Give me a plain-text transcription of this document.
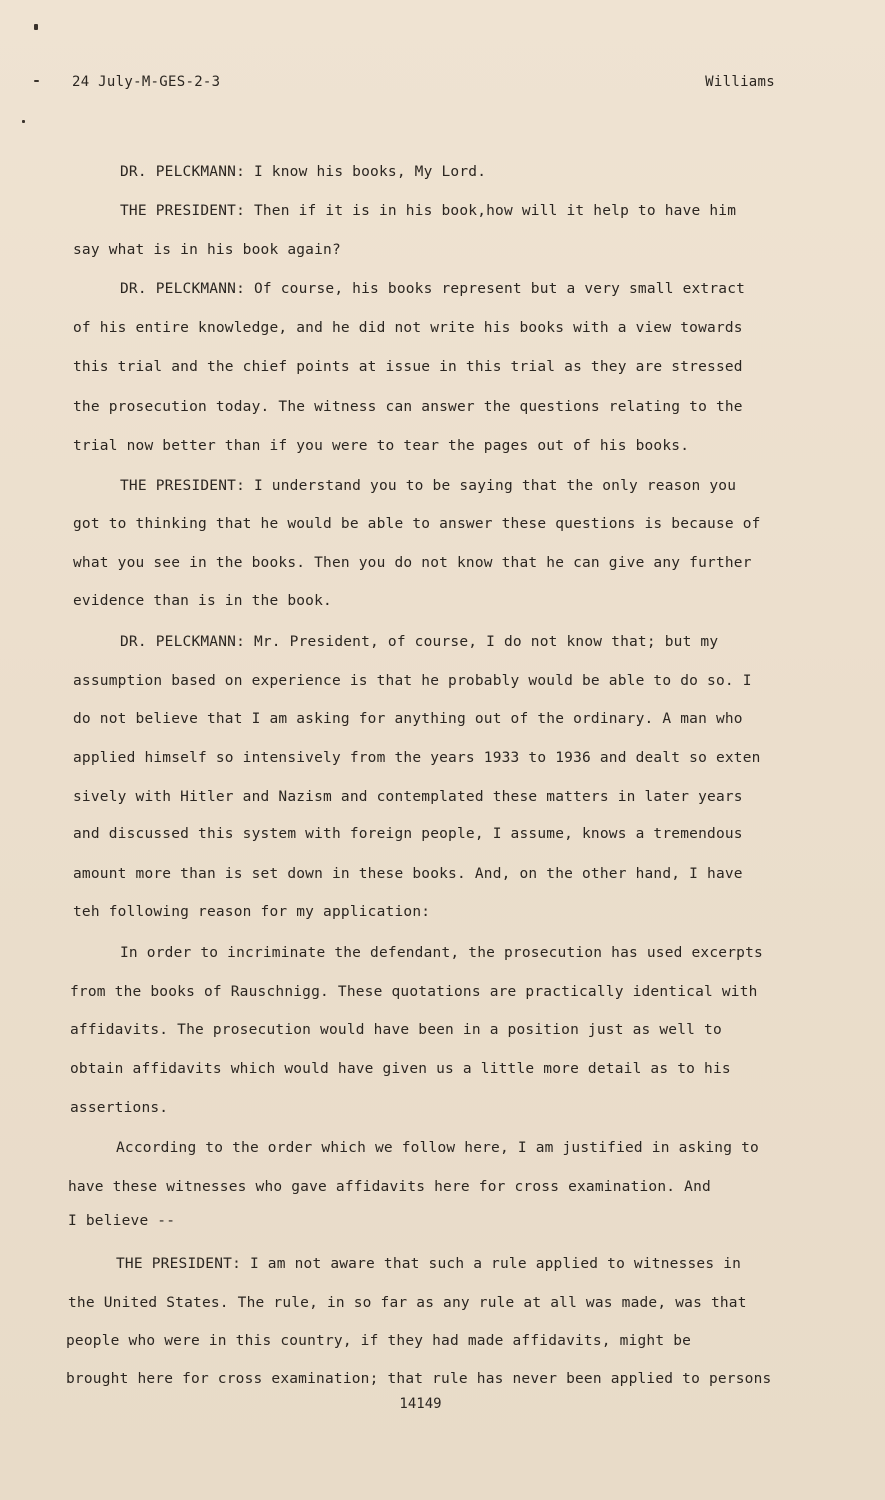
24 July-M-GES-2-3	Williams
DR. PELCKMANN: I know his books, My Lord.
THE PRESIDENT: Then if it is in his book,how will it help to have him
say what is in his book again?
DR. PELCKMANN: Of course, his books represent but a very small extract
of his entire knowledge, and he did not write his books with a view towards
this trial and the chief points at issue in this trial as they are stressed
the prosecution today. The witness can answer the questions relating to the
trial now better than if you were to tear the pages out of his books.
THE PRESIDENT: I understand you to be saying that the only reason you
got to thinking that he would be able to answer these questions is because of
what you see in the books. Then you do not know that he can give any further
evidence than is in the book.
DR. PELCKMANN: Mr. President, of course, I do not know that; but my
assumption based on experience is that he probably would be able to do so. I
do not believe that I am asking for anything out of the ordinary. A man who
applied himself so intensively from the years 1933 to 1936 and dealt so exten
sively with Hitler and Nazism and contemplated these matters in later years
and discussed this system with foreign people, I assume, knows a tremendous
amount more than is set down in these books. And, on the other hand, I have
teh following reason for my application:
In order to incriminate the defendant, the prosecution has used excerpts
from the books of Rauschnigg. These quotations are practically identical with
affidavits. The prosecution would have been in a position just as well to
obtain affidavits which would have given us a little more detail as to his
assertions.
According to the order which we follow here, I am justified in asking to
have these witnesses who gave affidavits here for cross examination. And
I believe --
THE PRESIDENT: I am not aware that such a rule applied to witnesses in
the United States. The rule, in so far as any rule at all was made, was that
people who were in this country, if they had made affidavits, might be
brought here for cross examination; that rule has never been applied to persons
14149
